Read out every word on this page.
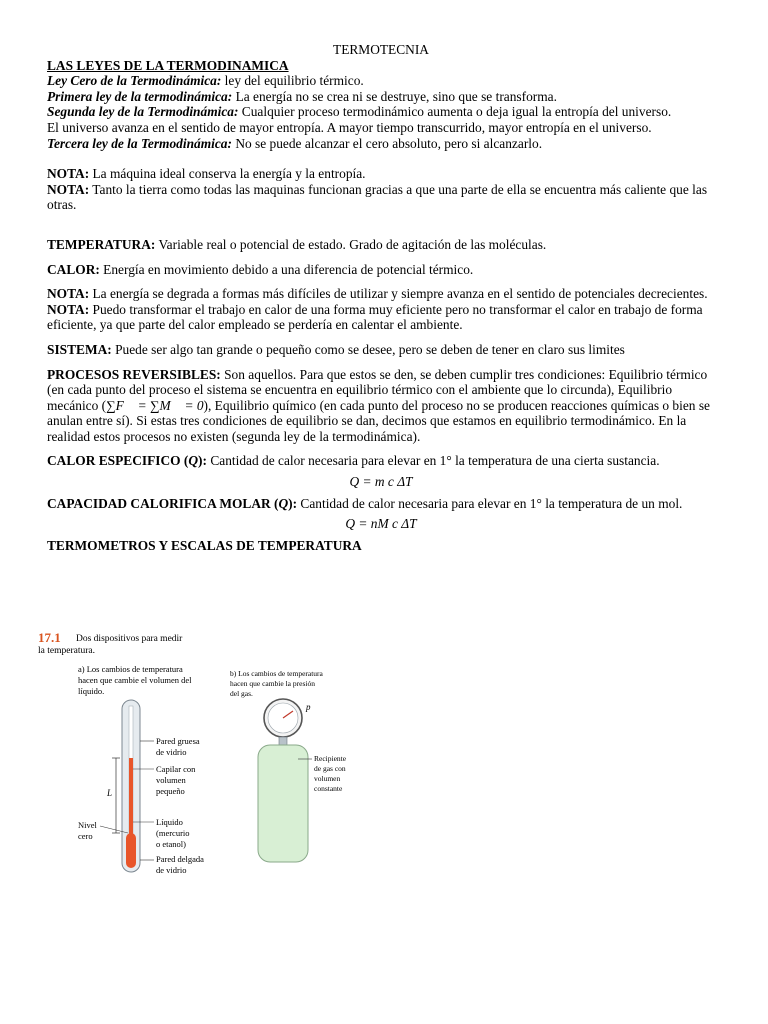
TERMOTECNIA

LAS LEYES DE LA TERMODINAMICA

Ley Cero de la Termodinámica: ley del equilibrio térmico.

Primera ley de la termodinámica: La energía no se crea ni se destruye, sino que se transforma.

Segunda ley de la Termodinámica: Cualquier proceso termodinámico aumenta o deja igual la entropía del universo.

El universo avanza en el sentido de mayor entropía. A mayor tiempo transcurrido, mayor entropía en el universo.

Tercera ley de la Termodinámica: No se puede alcanzar el cero absoluto, pero si alcanzarlo.

NOTA: La máquina ideal conserva la energía y la entropía.

NOTA: Tanto la tierra como todas las maquinas funcionan gracias a que una parte de ella se encuentra más caliente que las otras.

TEMPERATURA: Variable real o potencial de estado. Grado de agitación de las moléculas.

CALOR: Energía en movimiento debido a una diferencia de potencial térmico.

NOTA: La energía se degrada a formas más difíciles de utilizar y siempre avanza en el sentido de potenciales decrecientes.

NOTA: Puedo transformar el trabajo en calor de una forma muy eficiente pero no transformar el calor en trabajo de forma eficiente, ya que parte del calor empleado se perdería en calentar el ambiente.

SISTEMA: Puede ser algo tan grande o pequeño como se desee, pero se deben de tener en claro sus limites

PROCESOS REVERSIBLES: Son aquellos. Para que estos se den, se deben cumplir tres condiciones: Equilibrio térmico (en cada punto del proceso el sistema se encuentra en equilibrio térmico con el ambiente que lo circunda), Equilibrio mecánico (∑F⃗ = ∑M⃗ = 0), Equilibrio químico (en cada punto del proceso no se producen reacciones químicas o bien se anulan entre sí). Si estas tres condiciones de equilibrio se dan, decimos que estamos en equilibrio termodinámico. En la realidad estos procesos no existen (segunda ley de la termodinámica).

CALOR ESPECIFICO (Q): Cantidad de calor necesaria para elevar en 1° la temperatura de una cierta sustancia.

Q = m c ΔT

CAPACIDAD CALORIFICA MOLAR (Q): Cantidad de calor necesaria para elevar en 1° la temperatura de un mol.

Q = nM c ΔT

TERMOMETROS Y ESCALAS DE TEMPERATURA

17.1 Dos dispositivos para medir
la temperatura.
a) Los cambios de temperatura
hacen que cambie el volumen del
líquido.
b) Los cambios de temperatura
hacen que cambie la presión
del gas.
L
Nivel
cero
Pared gruesa
de vidrio
Capilar con
volumen
pequeño
Líquido
(mercurio
o etanol)
Pared delgada
de vidrio
p
Recipiente
de gas con
volumen
constante
